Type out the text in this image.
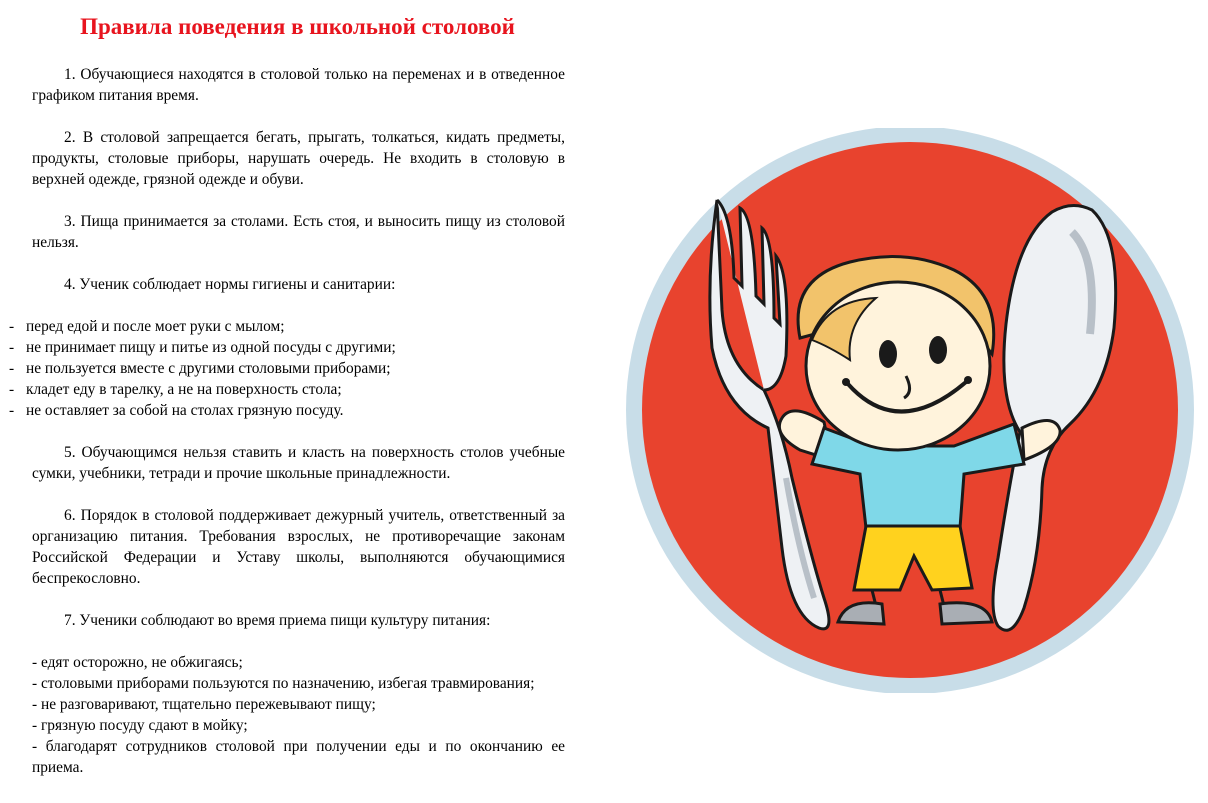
Правила поведения в школьной столовой

1. Обучающиеся находятся в столовой только на переменах и в отведенное графиком питания время.

2. В столовой запрещается бегать, прыгать, толкаться, кидать предметы, продукты, столовые приборы, нарушать очередь. Не входить в столовую в верхней одежде, грязной одежде и обуви.

3. Пища принимается за столами. Есть стоя, и выносить пищу из столовой нельзя.

4. Ученик соблюдает нормы гигиены и санитарии:

- перед едой и после моет руки с мылом;
- не принимает пищу и питье из одной посуды с другими;
- не пользуется вместе с другими столовыми приборами;
- кладет еду в тарелку, а не на поверхность стола;
- не оставляет за собой на столах грязную посуду.

5. Обучающимся нельзя ставить и класть на поверхность столов учебные сумки, учебники, тетради и прочие школьные принадлежности.

6. Порядок в столовой поддерживает дежурный учитель, ответственный за организацию питания. Требования взрослых, не противоречащие законам Российской Федерации и Уставу школы, выполняются обучающимися беспрекословно.

7. Ученики соблюдают во время приема пищи культуру питания:

- едят осторожно, не обжигаясь;
- столовыми приборами пользуются по назначению, избегая травмирования;
- не разговаривают, тщательно пережевывают пищу;
- грязную посуду сдают в мойку;
- благодарят сотрудников столовой при получении еды и по окончанию ее приема.
